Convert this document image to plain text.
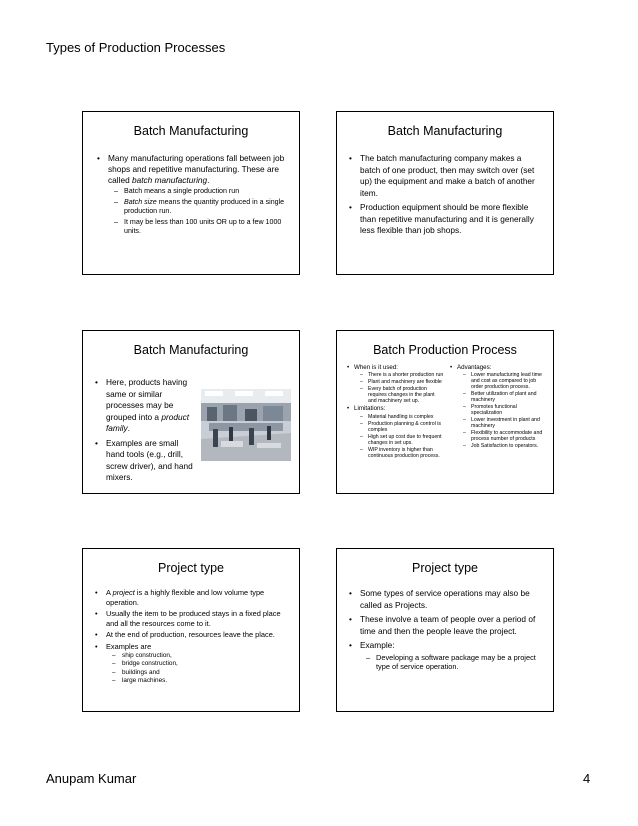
Types of Production Processes
Batch Manufacturing
• Many manufacturing operations fall between job shops and repetitive manufacturing. These are called batch manufacturing.
– Batch means a single production run
– Batch size means the quantity produced in a single production run.
– It may be less than 100 units OR up to a few 1000 units.
Batch Manufacturing
• The batch manufacturing company makes a batch of one product, then may switch over (set up) the equipment and make a batch of another item.
• Production equipment should be more flexible than repetitive manufacturing and it is generally less flexible than job shops.
Batch Manufacturing
• Here, products having same or similar processes may be grouped into a product family.
• Examples are small hand tools (e.g., drill, screw driver), and hand mixers.
Batch Production Process
• When is it used:
– There is a shorter production run
– Plant and machinery are flexible
– Every batch of production requires changes in the plant and machinery set up.
• Limitations:
– Material handling is complex
– Production planning & control is complex
– High set up cost due to frequent changes in set ups.
– WIP inventory is higher than continuous production process.
• Advantages:
– Lower manufacturing lead time and cost as compared to job order production process.
– Better utilization of plant and machinery
– Promotes functional specialization
– Lower investment in plant and machinery
– Flexibility to accommodate and process number of products
– Job Satisfaction to operators.
Project type
• A project is a highly flexible and low volume type operation.
• Usually the item to be produced stays in a fixed place and all the resources come to it.
• At the end of production, resources leave the place.
• Examples are
– ship construction,
– bridge construction,
– buildings and
– large machines.
Project type
• Some types of service operations may also be called as Projects.
• These involve a team of people over a period of time and then the people leave the project.
• Example:
– Developing a software package may be a project type of service operation.
Anupam Kumar	4
